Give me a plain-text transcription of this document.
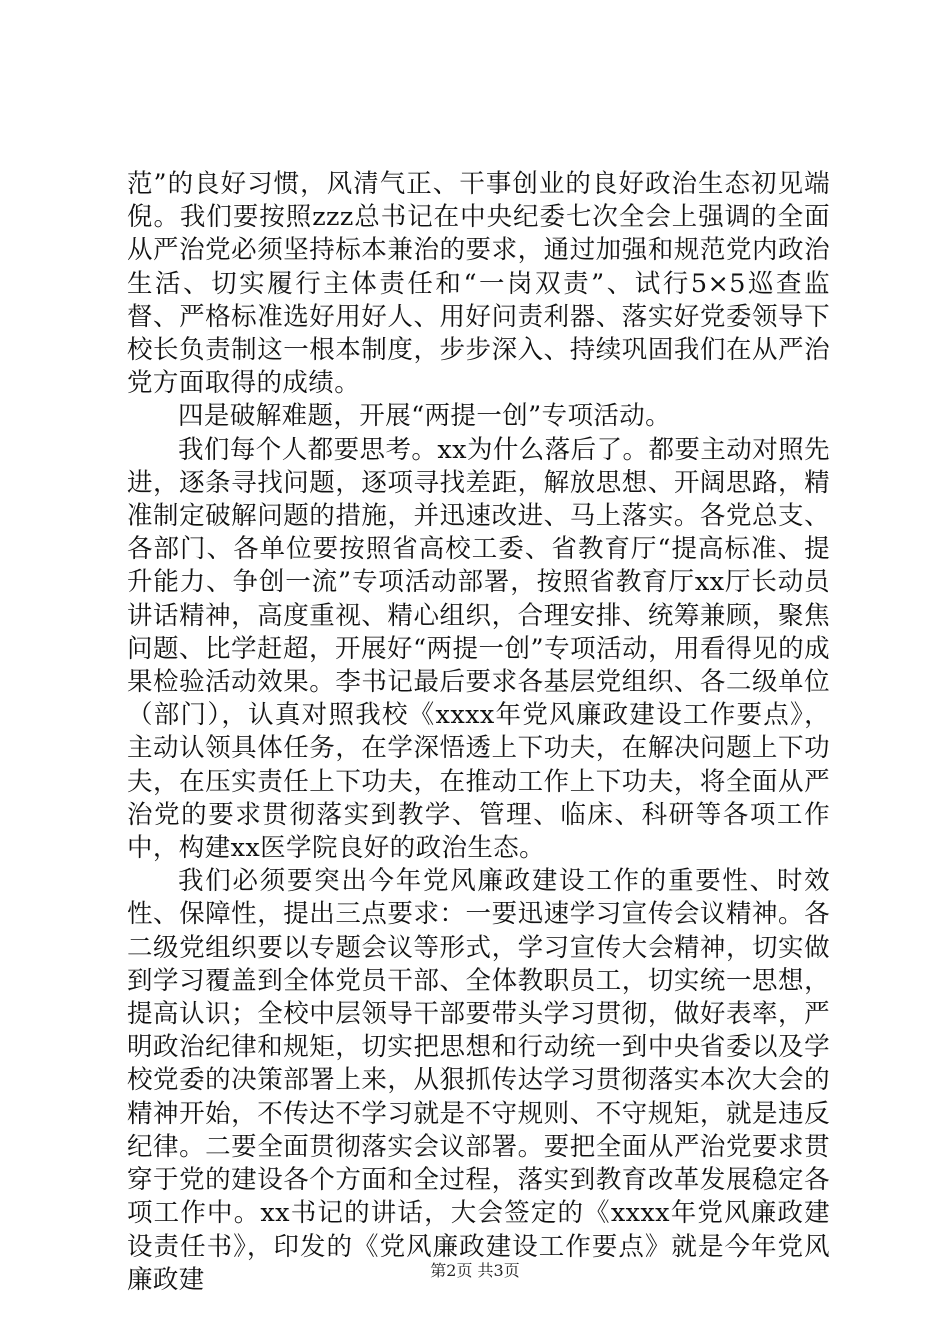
范”的良好习惯，风清气正、干事创业的良好政治生态初见端倪。我们要按照zzz总书记在中央纪委七次全会上强调的全面从严治党必须坚持标本兼治的要求，通过加强和规范党内政治生活、切实履行主体责任和“一岗双责”、试行5×5巡查监督、严格标准选好用好人、用好问责利器、落实好党委领导下校长负责制这一根本制度，步步深入、持续巩固我们在从严治党方面取得的成绩。

四是破解难题，开展“两提一创”专项活动。

我们每个人都要思考。xx为什么落后了。都要主动对照先进，逐条寻找问题，逐项寻找差距，解放思想、开阔思路，精准制定破解问题的措施，并迅速改进、马上落实。各党总支、各部门、各单位要按照省高校工委、省教育厅“提高标准、提升能力、争创一流”专项活动部署，按照省教育厅xx厅长动员讲话精神，高度重视、精心组织，合理安排、统筹兼顾，聚焦问题、比学赶超，开展好“两提一创”专项活动，用看得见的成果检验活动效果。李书记最后要求各基层党组织、各二级单位（部门），认真对照我校《xxxx年党风廉政建设工作要点》，主动认领具体任务，在学深悟透上下功夫，在解决问题上下功夫，在压实责任上下功夫，在推动工作上下功夫，将全面从严治党的要求贯彻落实到教学、管理、临床、科研等各项工作中，构建xx医学院良好的政治生态。

我们必须要突出今年党风廉政建设工作的重要性、时效性、保障性，提出三点要求：一要迅速学习宣传会议精神。各二级党组织要以专题会议等形式，学习宣传大会精神，切实做到学习覆盖到全体党员干部、全体教职员工，切实统一思想，提高认识；全校中层领导干部要带头学习贯彻，做好表率，严明政治纪律和规矩，切实把思想和行动统一到中央省委以及学校党委的决策部署上来，从狠抓传达学习贯彻落实本次大会的精神开始，不传达不学习就是不守规则、不守规矩，就是违反纪律。二要全面贯彻落实会议部署。要把全面从严治党要求贯穿于党的建设各个方面和全过程，落实到教育改革发展稳定各项工作中。xx书记的讲话，大会签定的《xxxx年党风廉政建设责任书》，印发的《党风廉政建设工作要点》就是今年党风廉政建	第2页 共3页
